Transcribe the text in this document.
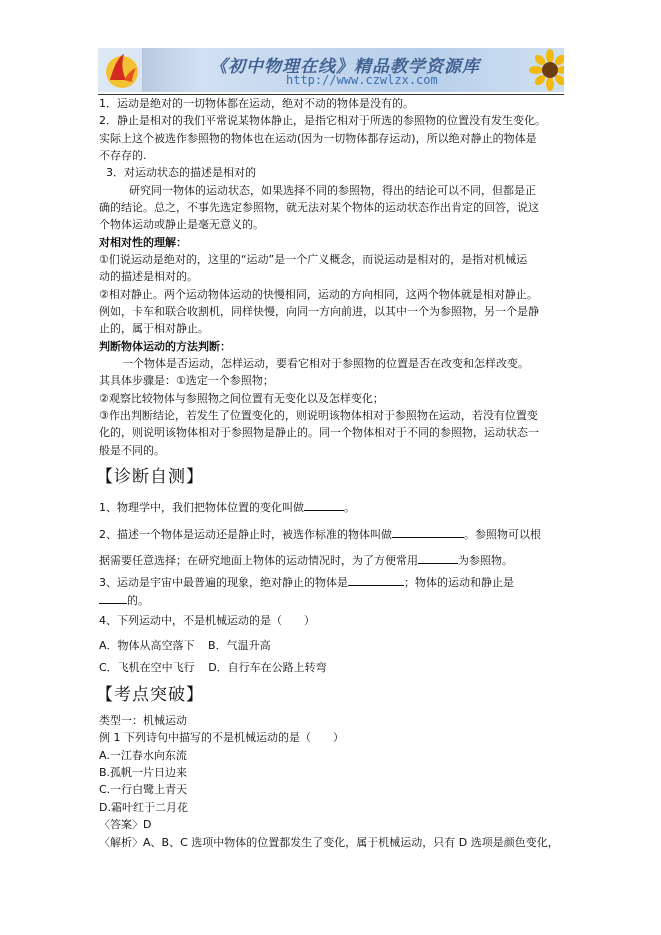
《初中物理在线》精品教学资源库
http://www.czwlzx.com
1．运动是绝对的一切物体都在运动，绝对不动的物体是没有的。
2．静止是相对的我们平常说某物体静止，是指它相对于所选的参照物的位置没有发生变化。
实际上这个被选作参照物的物体也在运动(因为一切物体都存运动)，所以绝对静止的物体是
不存存的.
3．对运动状态的描述是相对的
研究同一物体的运动状态，如果选择不同的参照物，得出的结论可以不同，但都是正
确的结论。总之，不事先选定参照物，就无法对某个物体的运动状态作出肯定的回答，说这
个物体运动或静止是毫无意义的。
对相对性的理解：
①们说运动是绝对的，这里的“运动”是一个广义概念，而说运动是相对的，是指对机械运
动的描述是相对的。
②相对静止。两个运动物体运动的快慢相同，运动的方向相同，这两个物体就是相对静止。
例如，卡车和联合收割机，同样快慢，向同一方向前进，以其中一个为参照物，另一个是静
止的，属于相对静止。
判断物体运动的方法判断：
一个物体是否运动，怎样运动，要看它相对于参照物的位置是否在改变和怎样改变。
其具体步骤是：①选定一个参照物；
②观察比较物体与参照物之间位置有无变化以及怎样变化；
③作出判断结论，若发生了位置变化的，则说明该物体相对于参照物在运动，若没有位置变
化的，则说明该物体相对于参照物是静止的。同一个物体相对于不同的参照物，运动状态一
般是不同的。
【诊断自测】
1、物理学中，我们把物体位置的变化叫做	。
2、描述一个物体是运动还是静止时，被选作标准的物体叫做	。参照物可以根
据需要任意选择；在研究地面上物体的运动情况时，为了方便常用	为参照物。
3、运动是宇宙中最普遍的现象，绝对静止的物体是	；物体的运动和静止是
的。
4、下列运动中，不是机械运动的是（　　）
A．物体从高空落下 B．气温升高
C．飞机在空中飞行 D．自行车在公路上转弯
【考点突破】
类型一：机械运动
例 1 下列诗句中描写的不是机械运动的是（　　）
A.一江春水向东流
B.孤帆一片日边来
C.一行白鹭上青天
D.霜叶红于二月花
〈答案〉D
〈解析〉A、B、C 选项中物体的位置都发生了变化，属于机械运动，只有 D 选项是颜色变化，
